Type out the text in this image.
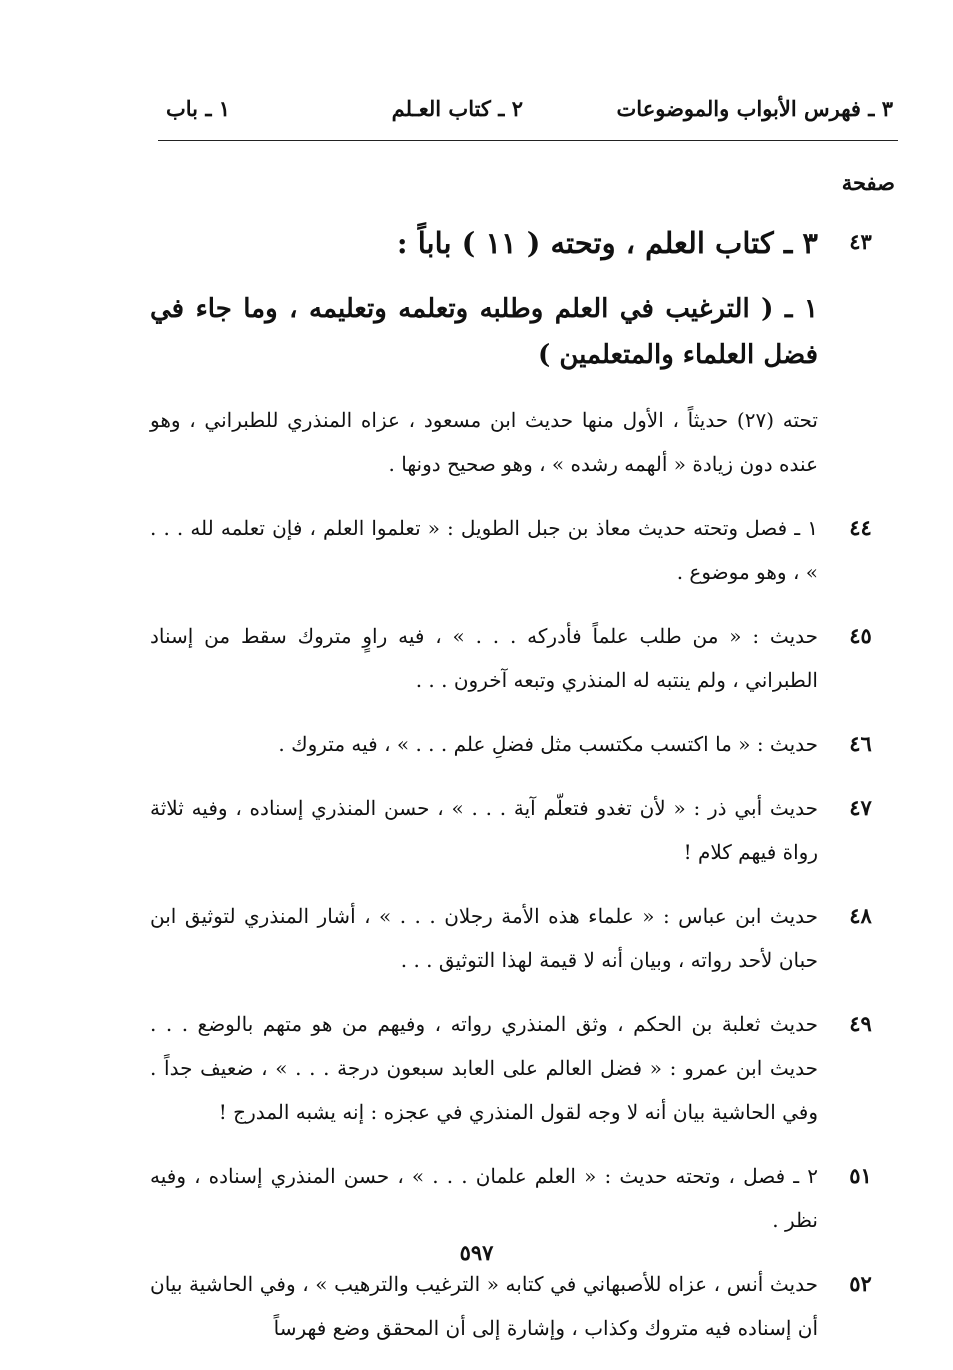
٣ ـ فهرس الأبواب والموضوعات
٢ ـ كتاب العـلم
١ ـ باب
صفحة
٤٣
٣ ـ كتاب العلم ، وتحته ( ١١ ) باباً :
١ ـ ( الترغيب في العلم وطلبه وتعلمه وتعليمه ، وما جاء في فضل العلماء والمتعلمين )
تحته (٢٧) حديثاً ، الأول منها حديث ابن مسعود ، عزاه المنذري للطبراني ، وهو عنده دون زيادة « ألهمه رشده » ، وهو صحيح دونها .
٤٤
١ ـ فصل وتحته حديث معاذ بن جبل الطويل : « تعلموا العلم ، فإن تعلمه لله . . . » ، وهو موضوع .
٤٥
حديث : « من طلب علماً فأدركه . . . » ، فيه راوٍ متروك سقط من إسناد الطبراني ، ولم ينتبه له المنذري وتبعه آخرون . . .
٤٦
حديث : « ما اكتسب مكتسب مثل فضلِ علم . . . » ، فيه متروك .
٤٧
حديث أبي ذر : « لأن تغدو فتعلّم آية . . . » ، حسن المنذري إسناده ، وفيه ثلاثة رواة فيهم كلام !
٤٨
حديث ابن عباس : « علماء هذه الأمة رجلان . . . » ، أشار المنذري لتوثيق ابن حبان لأحد رواته ، وبيان أنه لا قيمة لهذا التوثيق . . .
٤٩
حديث ثعلبة بن الحكم ، وثق المنذري رواته ، وفيهم من هو متهم بالوضع . . . حديث ابن عمرو : « فضل العالم على العابد سبعون درجة . . . » ، ضعيف جداً . وفي الحاشية بيان أنه لا وجه لقول المنذري في عجزه : إنه يشبه المدرج !
٥١
٢ ـ فصل ، وتحته حديث : « العلم علمان . . . » ، حسن المنذري إسناده ، وفيه نظر .
٥٢
حديث أنس ، عزاه للأصبهاني في كتابه « الترغيب والترهيب » ، وفي الحاشية بيان أن إسناده فيه متروك وكذاب ، وإشارة إلى أن المحقق وضع فهرساً
٥٩٧
